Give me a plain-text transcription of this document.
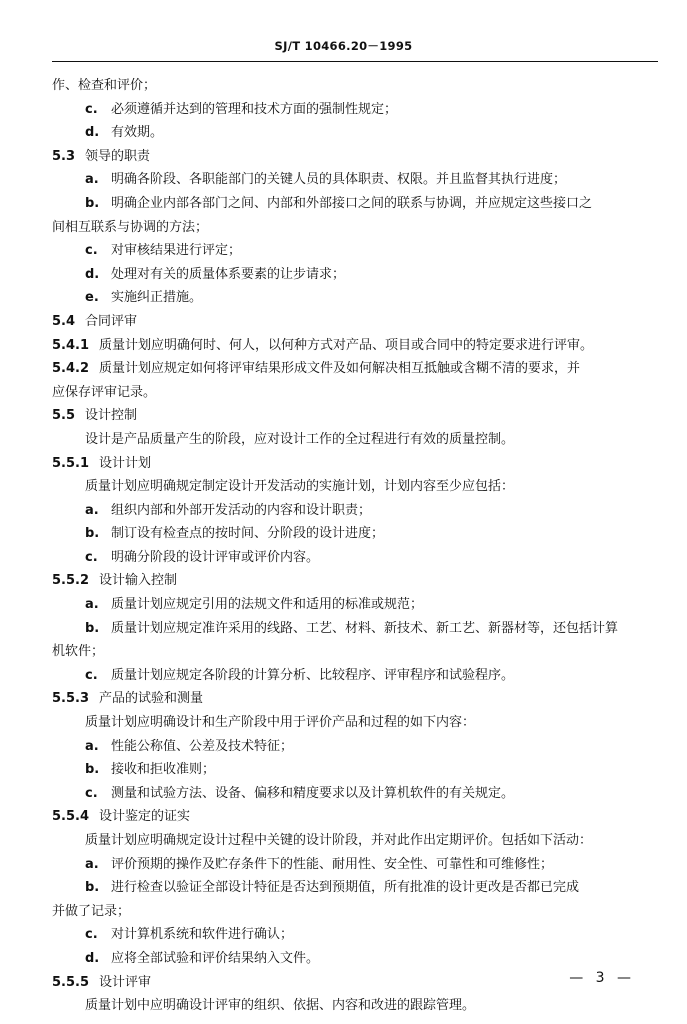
SJ/T 10466.20－1995
作、检查和评价；
c. 必须遵循并达到的管理和技术方面的强制性规定；
d. 有效期。
5.3 领导的职责
a. 明确各阶段、各职能部门的关键人员的具体职责、权限。并且监督其执行进度；
b. 明确企业内部各部门之间、内部和外部接口之间的联系与协调，并应规定这些接口之
间相互联系与协调的方法；
c. 对审核结果进行评定；
d. 处理对有关的质量体系要素的让步请求；
e. 实施纠正措施。
5.4 合同评审
5.4.1 质量计划应明确何时、何人，以何种方式对产品、项目或合同中的特定要求进行评审。
5.4.2 质量计划应规定如何将评审结果形成文件及如何解决相互抵触或含糊不清的要求，并
应保存评审记录。
5.5 设计控制
设计是产品质量产生的阶段，应对设计工作的全过程进行有效的质量控制。
5.5.1 设计计划
质量计划应明确规定制定设计开发活动的实施计划，计划内容至少应包括：
a. 组织内部和外部开发活动的内容和设计职责；
b. 制订设有检查点的按时间、分阶段的设计进度；
c. 明确分阶段的设计评审或评价内容。
5.5.2 设计输入控制
a. 质量计划应规定引用的法规文件和适用的标准或规范；
b. 质量计划应规定准许采用的线路、工艺、材料、新技术、新工艺、新器材等，还包括计算
机软件；
c. 质量计划应规定各阶段的计算分析、比较程序、评审程序和试验程序。
5.5.3 产品的试验和测量
质量计划应明确设计和生产阶段中用于评价产品和过程的如下内容：
a. 性能公称值、公差及技术特征；
b. 接收和拒收准则；
c. 测量和试验方法、设备、偏移和精度要求以及计算机软件的有关规定。
5.5.4 设计鉴定的证实
质量计划应明确规定设计过程中关键的设计阶段，并对此作出定期评价。包括如下活动：
a. 评价预期的操作及贮存条件下的性能、耐用性、安全性、可靠性和可维修性；
b. 进行检查以验证全部设计特征是否达到预期值，所有批准的设计更改是否都已完成
并做了记录；
c. 对计算机系统和软件进行确认；
d. 应将全部试验和评价结果纳入文件。
5.5.5 设计评审
质量计划中应明确设计评审的组织、依据、内容和改进的跟踪管理。
— 3 —
